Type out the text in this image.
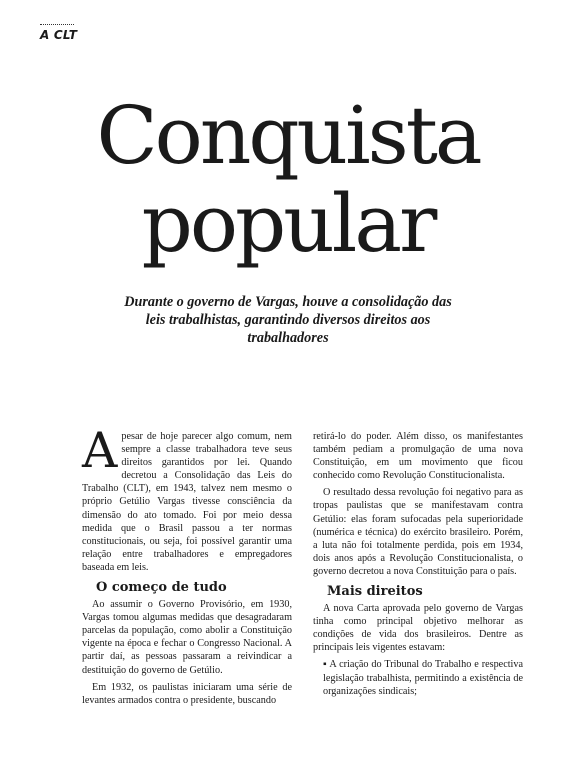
A CLT
Conquista
popular

Durante o governo de Vargas, houve a consolidação das leis trabalhistas, garantindo diversos direitos aos trabalhadores

Apesar de hoje parecer algo comum, nem sempre a classe trabalhadora teve seus direitos garantidos por lei. Quando decretou a Consolidação das Leis do Trabalho (CLT), em 1943, talvez nem mesmo o próprio Getúlio Vargas tivesse consciência da dimensão do ato tomado. Foi por meio dessa medida que o Brasil passou a ter normas constitucionais, ou seja, foi possível garantir uma relação entre trabalhadores e empregadores baseada em leis.

O começo de tudo

Ao assumir o Governo Provisório, em 1930, Vargas tomou algumas medidas que desagradaram parcelas da população, como abolir a Constituição vigente na época e fechar o Congresso Nacional. A partir daí, as pessoas passaram a reivindicar a destituição do governo de Getúlio.

Em 1932, os paulistas iniciaram uma série de levantes armados contra o presidente, buscando

retirá-lo do poder. Além disso, os manifestantes também pediam a promulgação de uma nova Constituição, em um movimento que ficou conhecido como Revolução Constitucionalista.

O resultado dessa revolução foi negativo para as tropas paulistas que se manifestavam contra Getúlio: elas foram sufocadas pela superioridade (numérica e técnica) do exército brasileiro. Porém, a luta não foi totalmente perdida, pois em 1934, dois anos após a Revolução Constitucionalista, o governo decretou a nova Constituição para o país.

Mais direitos

A nova Carta aprovada pelo governo de Vargas tinha como principal objetivo melhorar as condições de vida dos brasileiros. Dentre as principais leis vigentes estavam:

▪ A criação do Tribunal do Trabalho e respectiva legislação trabalhista, permitindo a existência de organizações sindicais;
